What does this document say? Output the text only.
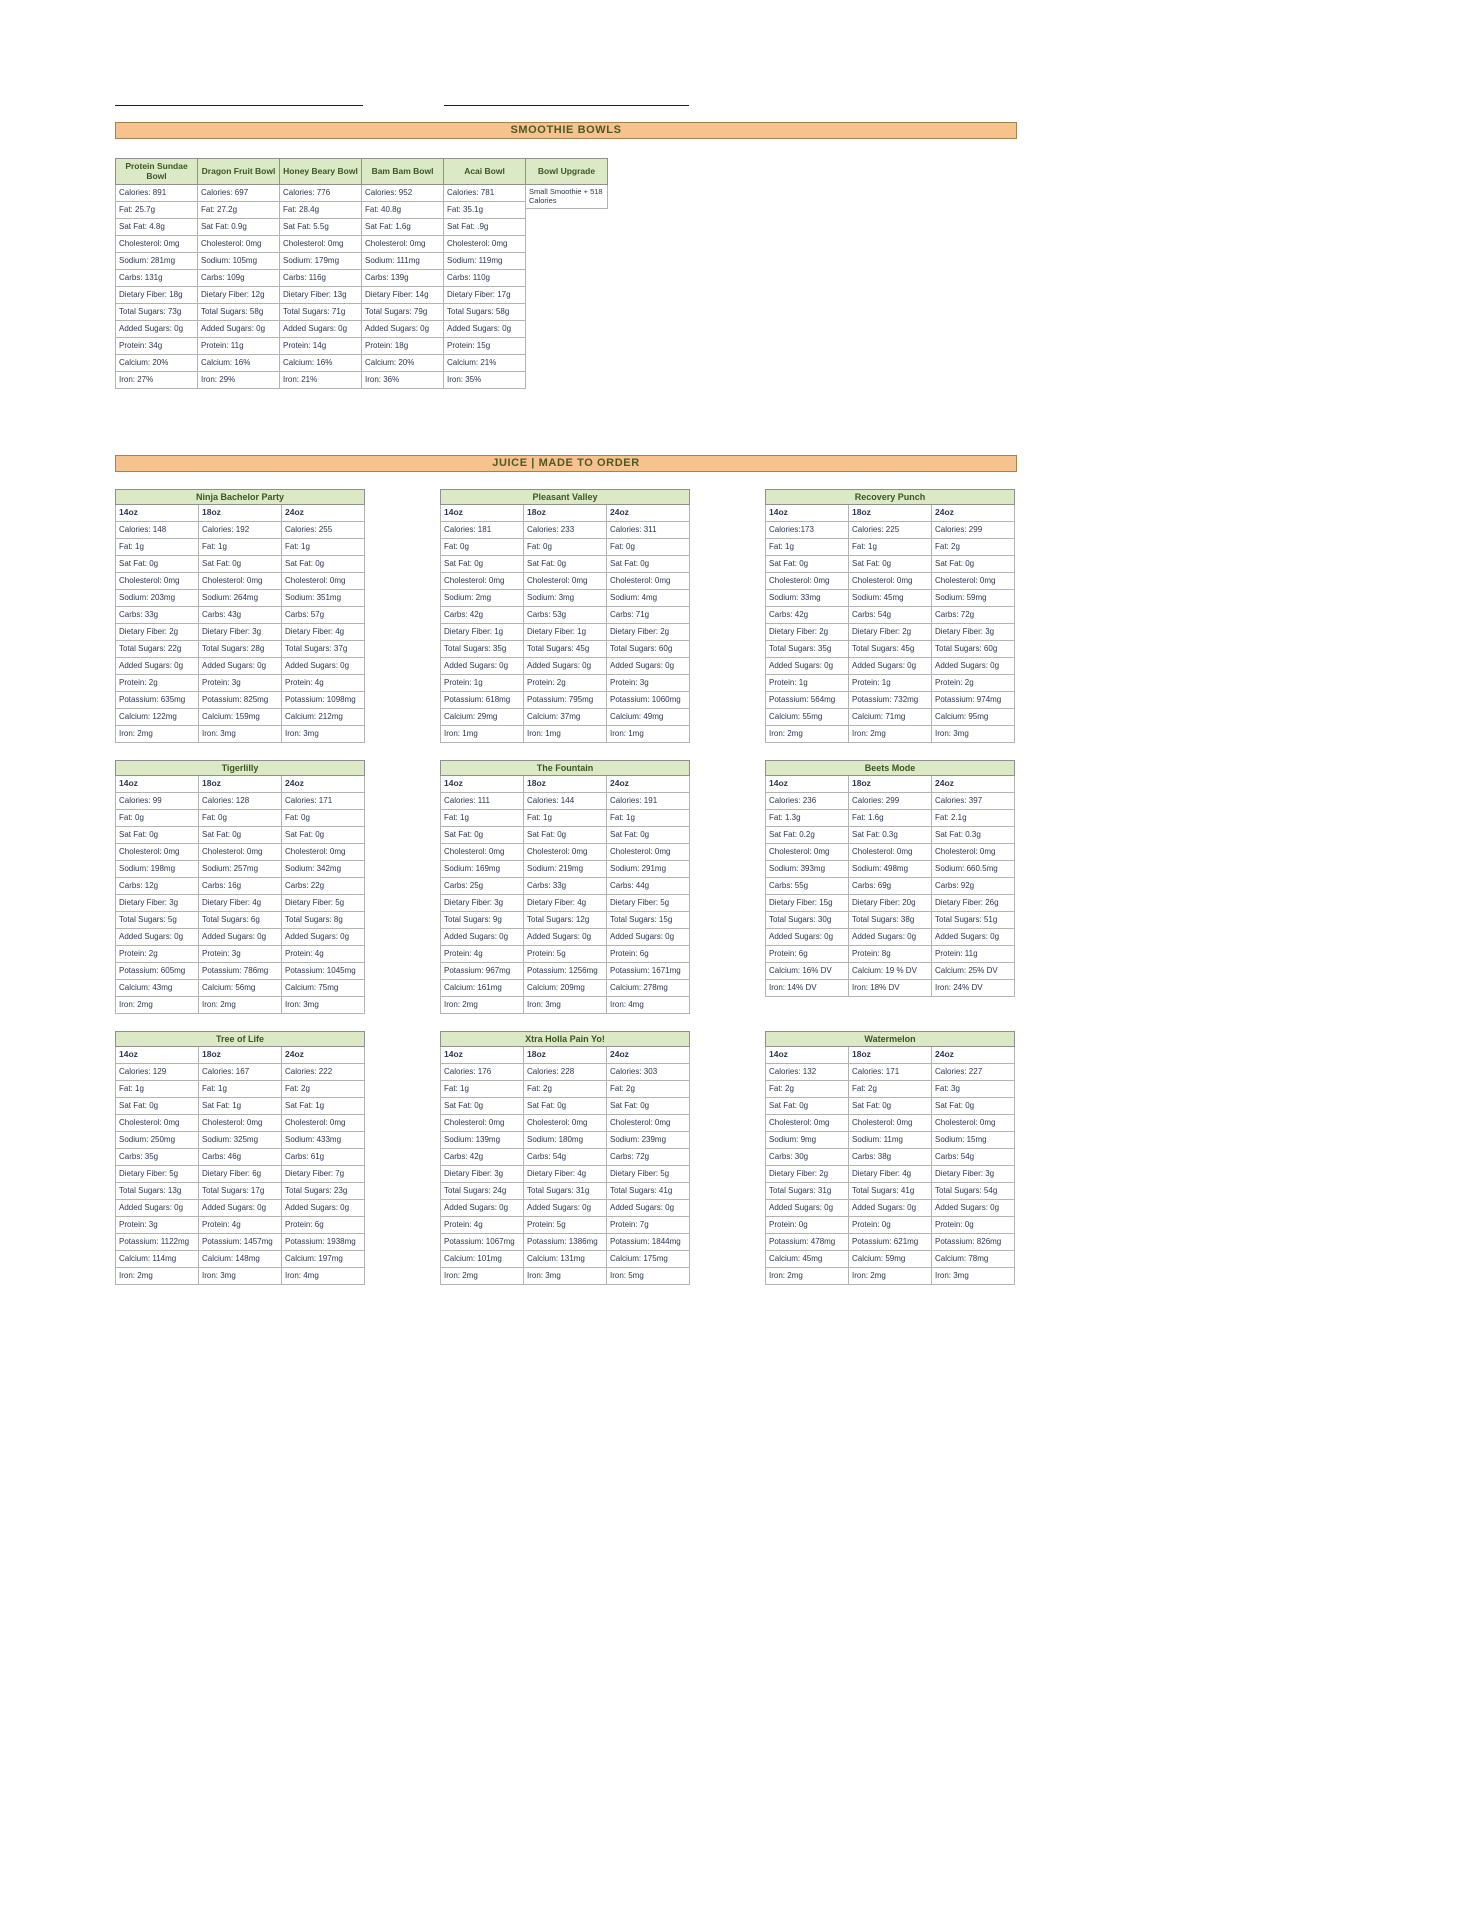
SMOOTHIE BOWLS
Protein Sundae Bowl
Calories: 891
Fat: 25.7g
Sat Fat: 4.8g
Cholesterol: 0mg
Sodium: 281mg
Carbs: 131g
Dietary Fiber: 18g
Total Sugars: 73g
Added Sugars: 0g
Protein: 34g
Calcium: 20%
Iron: 27%
Dragon Fruit Bowl
Calories: 697
Fat: 27.2g
Sat Fat: 0.9g
Cholesterol: 0mg
Sodium: 105mg
Carbs: 109g
Dietary Fiber: 12g
Total Sugars: 58g
Added Sugars: 0g
Protein: 11g
Calcium: 16%
Iron: 29%
Honey Beary Bowl
Calories: 776
Fat: 28.4g
Sat Fat: 5.5g
Cholesterol: 0mg
Sodium: 179mg
Carbs: 116g
Dietary Fiber: 13g
Total Sugars: 71g
Added Sugars: 0g
Protein: 14g
Calcium: 16%
Iron: 21%
Bam Bam Bowl
Calories: 952
Fat: 40.8g
Sat Fat: 1.6g
Cholesterol: 0mg
Sodium: 111mg
Carbs: 139g
Dietary Fiber: 14g
Total Sugars: 79g
Added Sugars: 0g
Protein: 18g
Calcium: 20%
Iron: 36%
Acai Bowl
Calories: 781
Fat: 35.1g
Sat Fat: .9g
Cholesterol: 0mg
Sodium: 119mg
Carbs: 110g
Dietary Fiber: 17g
Total Sugars: 58g
Added Sugars: 0g
Protein: 15g
Calcium: 21%
Iron: 35%
Bowl Upgrade
Small Smoothie + 518 Calories
JUICE | MADE TO ORDER
Ninja Bachelor Party
14oz
Calories: 148
Fat: 1g
Sat Fat: 0g
Cholesterol: 0mg
Sodium: 203mg
Carbs: 33g
Dietary Fiber: 2g
Total Sugars: 22g
Added Sugars: 0g
Protein: 2g
Potassium: 635mg
Calcium: 122mg
Iron: 2mg
18oz
Calories: 192
Fat: 1g
Sat Fat: 0g
Cholesterol: 0mg
Sodium: 264mg
Carbs: 43g
Dietary Fiber: 3g
Total Sugars: 28g
Added Sugars: 0g
Protein: 3g
Potassium: 825mg
Calcium: 159mg
Iron: 3mg
24oz
Calories: 255
Fat: 1g
Sat Fat: 0g
Cholesterol: 0mg
Sodium: 351mg
Carbs: 57g
Dietary Fiber: 4g
Total Sugars: 37g
Added Sugars: 0g
Protein: 4g
Potassium: 1098mg
Calcium: 212mg
Iron: 3mg
Pleasant Valley
14oz
Calories: 181
Fat: 0g
Sat Fat: 0g
Cholesterol: 0mg
Sodium: 2mg
Carbs: 42g
Dietary Fiber: 1g
Total Sugars: 35g
Added Sugars: 0g
Protein: 1g
Potassium: 618mg
Calcium: 29mg
Iron: 1mg
18oz
Calories: 233
Fat: 0g
Sat Fat: 0g
Cholesterol: 0mg
Sodium: 3mg
Carbs: 53g
Dietary Fiber: 1g
Total Sugars: 45g
Added Sugars: 0g
Protein: 2g
Potassium: 795mg
Calcium: 37mg
Iron: 1mg
24oz
Calories: 311
Fat: 0g
Sat Fat: 0g
Cholesterol: 0mg
Sodium: 4mg
Carbs: 71g
Dietary Fiber: 2g
Total Sugars: 60g
Added Sugars: 0g
Protein: 3g
Potassium: 1060mg
Calcium: 49mg
Iron: 1mg
Recovery Punch
14oz
Calories:173
Fat: 1g
Sat Fat: 0g
Cholesterol: 0mg
Sodium: 33mg
Carbs: 42g
Dietary Fiber: 2g
Total Sugars: 35g
Added Sugars: 0g
Protein: 1g
Potassium: 564mg
Calcium: 55mg
Iron: 2mg
18oz
Calories: 225
Fat: 1g
Sat Fat: 0g
Cholesterol: 0mg
Sodium: 45mg
Carbs: 54g
Dietary Fiber: 2g
Total Sugars: 45g
Added Sugars: 0g
Protein: 1g
Potassium: 732mg
Calcium: 71mg
Iron: 2mg
24oz
Calories: 299
Fat: 2g
Sat Fat: 0g
Cholesterol: 0mg
Sodium: 59mg
Carbs: 72g
Dietary Fiber: 3g
Total Sugars: 60g
Added Sugars: 0g
Protein: 2g
Potassium: 974mg
Calcium: 95mg
Iron: 3mg
Tigerlilly
14oz
Calories: 99
Fat: 0g
Sat Fat: 0g
Cholesterol: 0mg
Sodium: 198mg
Carbs: 12g
Dietary Fiber: 3g
Total Sugars: 5g
Added Sugars: 0g
Protein: 2g
Potassium: 605mg
Calcium: 43mg
Iron: 2mg
18oz
Calories: 128
Fat: 0g
Sat Fat: 0g
Cholesterol: 0mg
Sodium: 257mg
Carbs: 16g
Dietary Fiber: 4g
Total Sugars: 6g
Added Sugars: 0g
Protein: 3g
Potassium: 786mg
Calcium: 56mg
Iron: 2mg
24oz
Calories: 171
Fat: 0g
Sat Fat: 0g
Cholesterol: 0mg
Sodium: 342mg
Carbs: 22g
Dietary Fiber: 5g
Total Sugars: 8g
Added Sugars: 0g
Protein: 4g
Potassium: 1045mg
Calcium: 75mg
Iron: 3mg
The Fountain
14oz
Calories: 111
Fat: 1g
Sat Fat: 0g
Cholesterol: 0mg
Sodium: 169mg
Carbs: 25g
Dietary Fiber: 3g
Total Sugars: 9g
Added Sugars: 0g
Protein: 4g
Potassium: 967mg
Calcium: 161mg
Iron: 2mg
18oz
Calories: 144
Fat: 1g
Sat Fat: 0g
Cholesterol: 0mg
Sodium: 219mg
Carbs: 33g
Dietary Fiber: 4g
Total Sugars: 12g
Added Sugars: 0g
Protein: 5g
Potassium: 1256mg
Calcium: 209mg
Iron: 3mg
24oz
Calories: 191
Fat: 1g
Sat Fat: 0g
Cholesterol: 0mg
Sodium: 291mg
Carbs: 44g
Dietary Fiber: 5g
Total Sugars: 15g
Added Sugars: 0g
Protein: 6g
Potassium: 1671mg
Calcium: 278mg
Iron: 4mg
Beets Mode
14oz
Calories: 236
Fat: 1.3g
Sat Fat: 0.2g
Cholesterol: 0mg
Sodium: 393mg
Carbs: 55g
Dietary Fiber: 15g
Total Sugars: 30g
Added Sugars: 0g
Protein: 6g
Calcium: 16% DV
Iron: 14% DV
18oz
Calories: 299
Fat: 1.6g
Sat Fat: 0.3g
Cholesterol: 0mg
Sodium: 498mg
Carbs: 69g
Dietary Fiber: 20g
Total Sugars: 38g
Added Sugars: 0g
Protein: 8g
Calcium: 19 % DV
Iron: 18% DV
24oz
Calories: 397
Fat: 2.1g
Sat Fat: 0.3g
Cholesterol: 0mg
Sodium: 660.5mg
Carbs: 92g
Dietary Fiber: 26g
Total Sugars: 51g
Added Sugars: 0g
Protein: 11g
Calcium: 25% DV
Iron: 24% DV
Tree of Life
14oz
Calories: 129
Fat: 1g
Sat Fat: 0g
Cholesterol: 0mg
Sodium: 250mg
Carbs: 35g
Dietary Fiber: 5g
Total Sugars: 13g
Added Sugars: 0g
Protein: 3g
Potassium: 1122mg
Calcium: 114mg
Iron: 2mg
18oz
Calories: 167
Fat: 1g
Sat Fat: 1g
Cholesterol: 0mg
Sodium: 325mg
Carbs: 46g
Dietary Fiber: 6g
Total Sugars: 17g
Added Sugars: 0g
Protein: 4g
Potassium: 1457mg
Calcium: 148mg
Iron: 3mg
24oz
Calories: 222
Fat: 2g
Sat Fat: 1g
Cholesterol: 0mg
Sodium: 433mg
Carbs: 61g
Dietary Fiber: 7g
Total Sugars: 23g
Added Sugars: 0g
Protein: 6g
Potassium: 1938mg
Calcium: 197mg
Iron: 4mg
Xtra Holla Pain Yo!
14oz
Calories: 176
Fat: 1g
Sat Fat: 0g
Cholesterol: 0mg
Sodium: 139mg
Carbs: 42g
Dietary Fiber: 3g
Total Sugars: 24g
Added Sugars: 0g
Protein: 4g
Potassium: 1067mg
Calcium: 101mg
Iron: 2mg
18oz
Calories: 228
Fat: 2g
Sat Fat: 0g
Cholesterol: 0mg
Sodium: 180mg
Carbs: 54g
Dietary Fiber: 4g
Total Sugars: 31g
Added Sugars: 0g
Protein: 5g
Potassium: 1386mg
Calcium: 131mg
Iron: 3mg
24oz
Calories: 303
Fat: 2g
Sat Fat: 0g
Cholesterol: 0mg
Sodium: 239mg
Carbs: 72g
Dietary Fiber: 5g
Total Sugars: 41g
Added Sugars: 0g
Protein: 7g
Potassium: 1844mg
Calcium: 175mg
Iron: 5mg
Watermelon
14oz
Calories: 132
Fat: 2g
Sat Fat: 0g
Cholesterol: 0mg
Sodium: 9mg
Carbs: 30g
Dietary Fiber: 2g
Total Sugars: 31g
Added Sugars: 0g
Protein: 0g
Potassium: 478mg
Calcium: 45mg
Iron: 2mg
18oz
Calories: 171
Fat: 2g
Sat Fat: 0g
Cholesterol: 0mg
Sodium: 11mg
Carbs: 38g
Dietary Fiber: 4g
Total Sugars: 41g
Added Sugars: 0g
Protein: 0g
Potassium: 621mg
Calcium: 59mg
Iron: 2mg
24oz
Calories: 227
Fat: 3g
Sat Fat: 0g
Cholesterol: 0mg
Sodium: 15mg
Carbs: 54g
Dietary Fiber: 3g
Total Sugars: 54g
Added Sugars: 0g
Protein: 0g
Potassium: 826mg
Calcium: 78mg
Iron: 3mg
